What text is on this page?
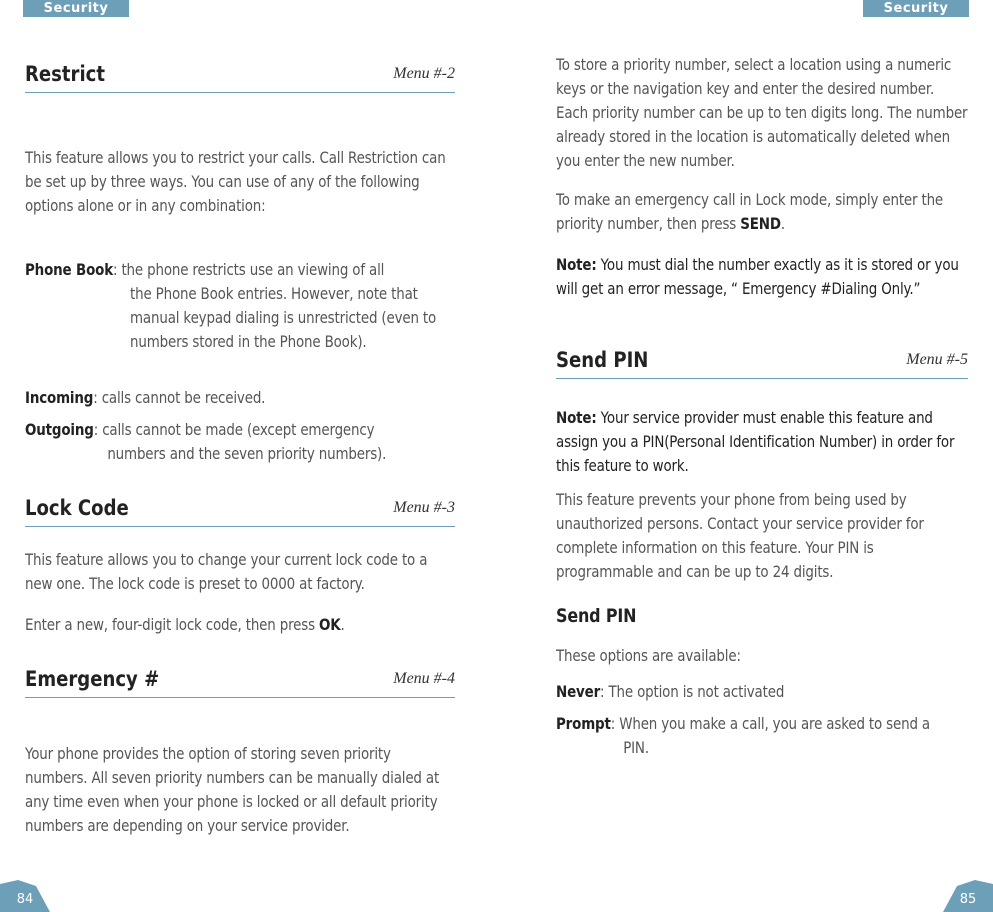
Security	Security
Restrict	Menu #-2
This feature allows you to restrict your calls. Call Restriction can be set up by three ways. You can use of any of the following options alone or in any combination:
Phone Book: the phone restricts use an viewing of all
the Phone Book entries. However, note that manual keypad dialing is unrestricted (even to numbers stored in the Phone Book).
Incoming: calls cannot be received.
Outgoing: calls cannot be made (except emergency
numbers and the seven priority numbers).
Lock Code	Menu #-3
This feature allows you to change your current lock code to a new one. The lock code is preset to 0000 at factory.
Enter a new, four-digit lock code, then press OK.
Emergency #	Menu #-4
Your phone provides the option of storing seven priority numbers. All seven priority numbers can be manually dialed at any time even when your phone is locked or all default priority numbers are depending on your service provider.
To store a priority number, select a location using a numeric keys or the navigation key and enter the desired number. Each priority number can be up to ten digits long. The number already stored in the location is automatically deleted when you enter the new number.
To make an emergency call in Lock mode, simply enter the priority number, then press SEND.
Note: You must dial the number exactly as it is stored or you will get an error message, “ Emergency #Dialing Only.”
Send PIN	Menu #-5
Note: Your service provider must enable this feature and assign you a PIN(Personal Identification Number) in order for this feature to work.
This feature prevents your phone from being used by unauthorized persons. Contact your service provider for complete information on this feature. Your PIN is programmable and can be up to 24 digits.
Send PIN
These options are available:
Never: The option is not activated
Prompt: When you make a call, you are asked to send a
PIN.
84	85
